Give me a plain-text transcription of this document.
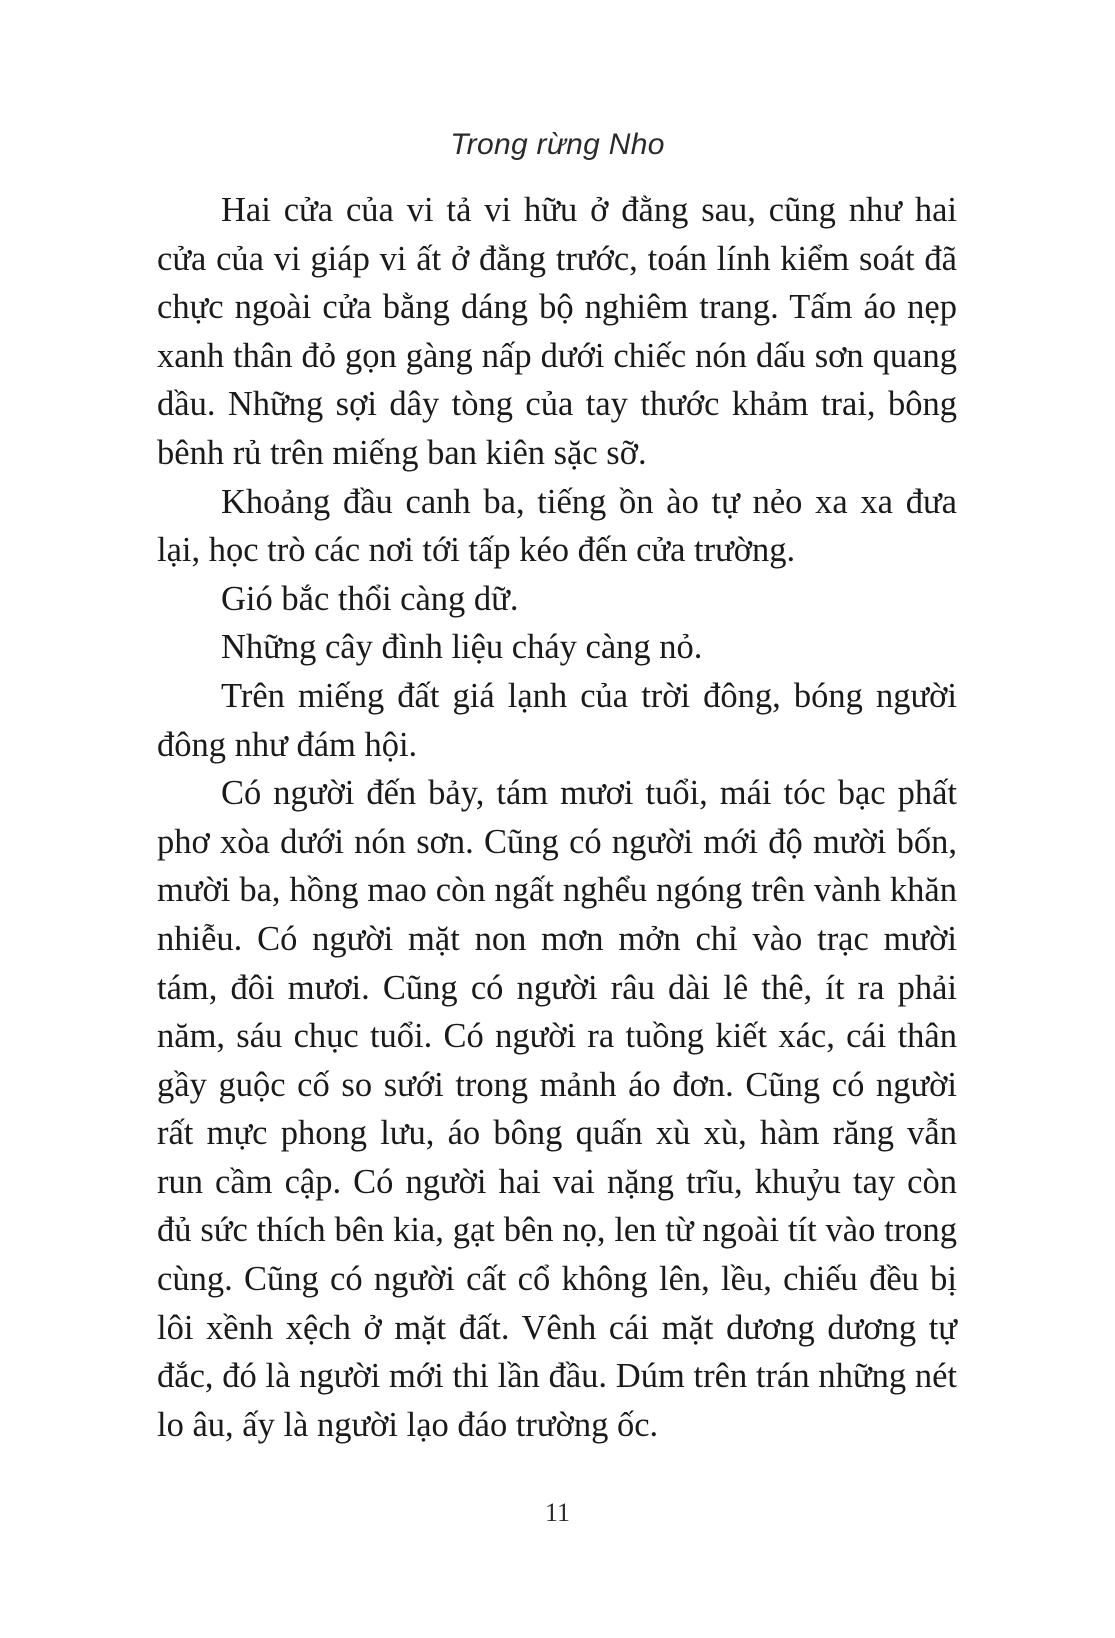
Trong rừng Nho

Hai cửa của vi tả vi hữu ở đằng sau, cũng như hai cửa của vi giáp vi ất ở đằng trước, toán lính kiểm soát đã chực ngoài cửa bằng dáng bộ nghiêm trang. Tấm áo nẹp xanh thân đỏ gọn gàng nấp dưới chiếc nón dấu sơn quang dầu. Những sợi dây tòng của tay thước khảm trai, bông bênh rủ trên miếng ban kiên sặc sỡ.

Khoảng đầu canh ba, tiếng ồn ào tự nẻo xa xa đưa lại, học trò các nơi tới tấp kéo đến cửa trường.

Gió bắc thổi càng dữ.

Những cây đình liệu cháy càng nỏ.

Trên miếng đất giá lạnh của trời đông, bóng người đông như đám hội.

Có người đến bảy, tám mươi tuổi, mái tóc bạc phất phơ xòa dưới nón sơn. Cũng có người mới độ mười bốn, mười ba, hồng mao còn ngất nghểu ngóng trên vành khăn nhiễu. Có người mặt non mơn mởn chỉ vào trạc mười tám, đôi mươi. Cũng có người râu dài lê thê, ít ra phải năm, sáu chục tuổi. Có người ra tuồng kiết xác, cái thân gầy guộc cố so sưới trong mảnh áo đơn. Cũng có người rất mực phong lưu, áo bông quấn xù xù, hàm răng vẫn run cầm cập. Có người hai vai nặng trĩu, khuỷu tay còn đủ sức thích bên kia, gạt bên nọ, len từ ngoài tít vào trong cùng. Cũng có người cất cổ không lên, lều, chiếu đều bị lôi xềnh xệch ở mặt đất. Vênh cái mặt dương dương tự đắc, đó là người mới thi lần đầu. Dúm trên trán những nét lo âu, ấy là người lạo đáo trường ốc.

11
